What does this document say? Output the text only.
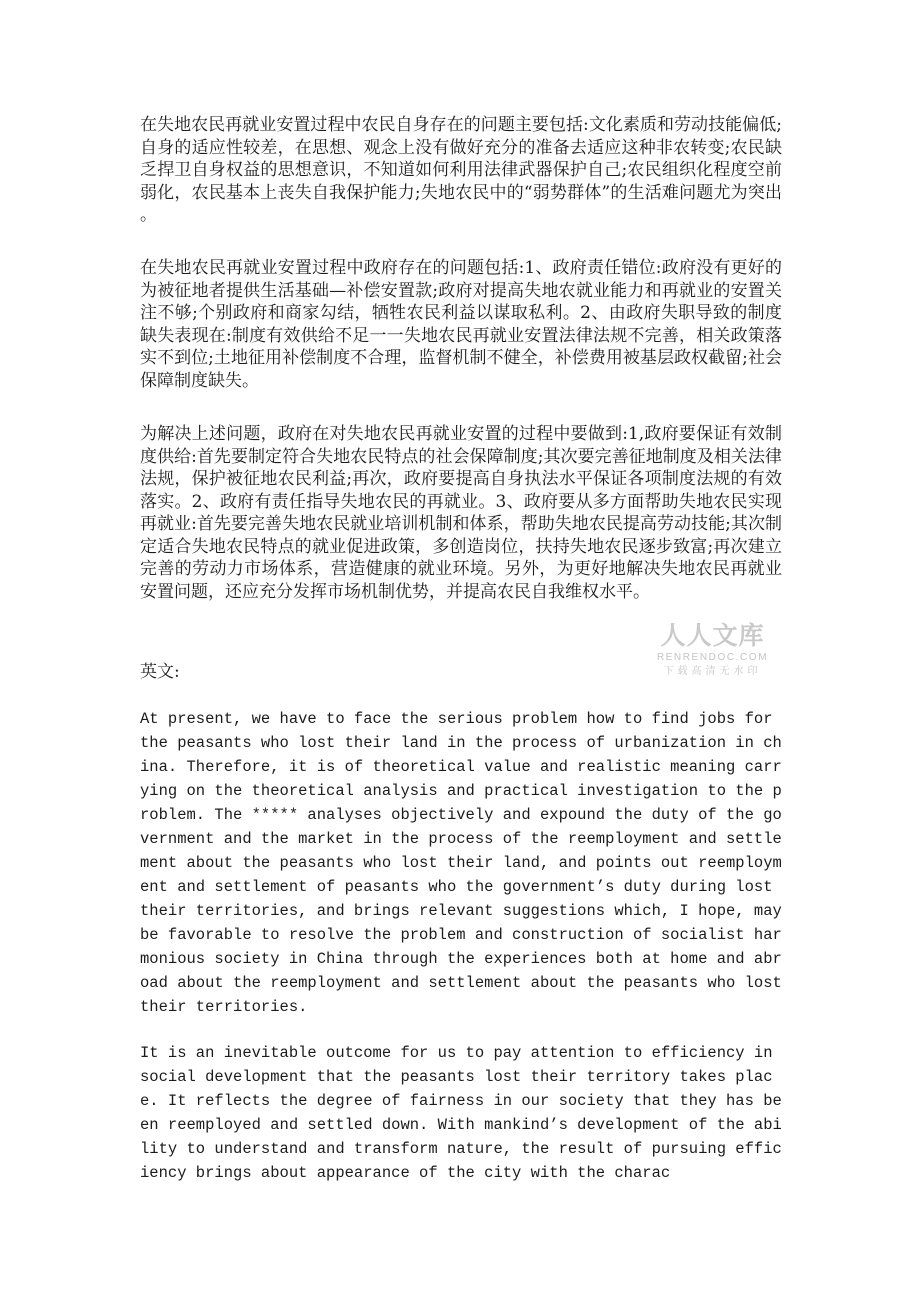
在失地农民再就业安置过程中农民自身存在的问题主要包括:文化素质和劳动技能偏低;自身的适应性较差，在思想、观念上没有做好充分的准备去适应这种非农转变;农民缺乏捍卫自身权益的思想意识，不知道如何利用法律武器保护自己;农民组织化程度空前弱化，农民基本上丧失自我保护能力;失地农民中的“弱势群体”的生活难问题尤为突出。

在失地农民再就业安置过程中政府存在的问题包括:1、政府责任错位:政府没有更好的为被征地者提供生活基础—补偿安置款;政府对提高失地农就业能力和再就业的安置关注不够;个别政府和商家勾结，牺牲农民利益以谋取私利。2、由政府失职导致的制度缺失表现在:制度有效供给不足一一失地农民再就业安置法律法规不完善，相关政策落实不到位;土地征用补偿制度不合理，监督机制不健全，补偿费用被基层政权截留;社会保障制度缺失。

为解决上述问题，政府在对失地农民再就业安置的过程中要做到:1,政府要保证有效制度供给:首先要制定符合失地农民特点的社会保障制度;其次要完善征地制度及相关法律法规，保护被征地农民利益;再次，政府要提高自身执法水平保证各项制度法规的有效落实。2、政府有责任指导失地农民的再就业。3、政府要从多方面帮助失地农民实现再就业:首先要完善失地农民就业培训机制和体系，帮助失地农民提高劳动技能;其次制定适合失地农民特点的就业促进政策，多创造岗位，扶持失地农民逐步致富;再次建立完善的劳动力市场体系，营造健康的就业环境。另外，为更好地解决失地农民再就业安置问题，还应充分发挥市场机制优势，并提高农民自我维权水平。

人人文库
RENRENDOC.COM
下载高清无水印

英文:

At present, we have to face the serious problem how to find jobs for the peasants who lost their land in the process of urbanization in china. Therefore, it is of theoretical value and realistic meaning carrying on the theoretical analysis and practical investigation to the problem. The ***** analyses objectively and expound the duty of the government and the market in the process of the reemployment and settlement about the peasants who lost their land, and points out reemployment and settlement of peasants who the government’s duty during lost their territories, and brings relevant suggestions which, I hope, may be favorable to resolve the problem and construction of socialist harmonious society in China through the experiences both at home and abroad about the reemployment and settlement about the peasants who lost their territories.

It is an inevitable outcome for us to pay attention to efficiency in social development that the peasants lost their territory takes place. It reflects the degree of fairness in our society that they has been reemployed and settled down. With mankind’s development of the ability to understand and transform nature, the result of pursuing efficiency brings about appearance of the city with the charac
